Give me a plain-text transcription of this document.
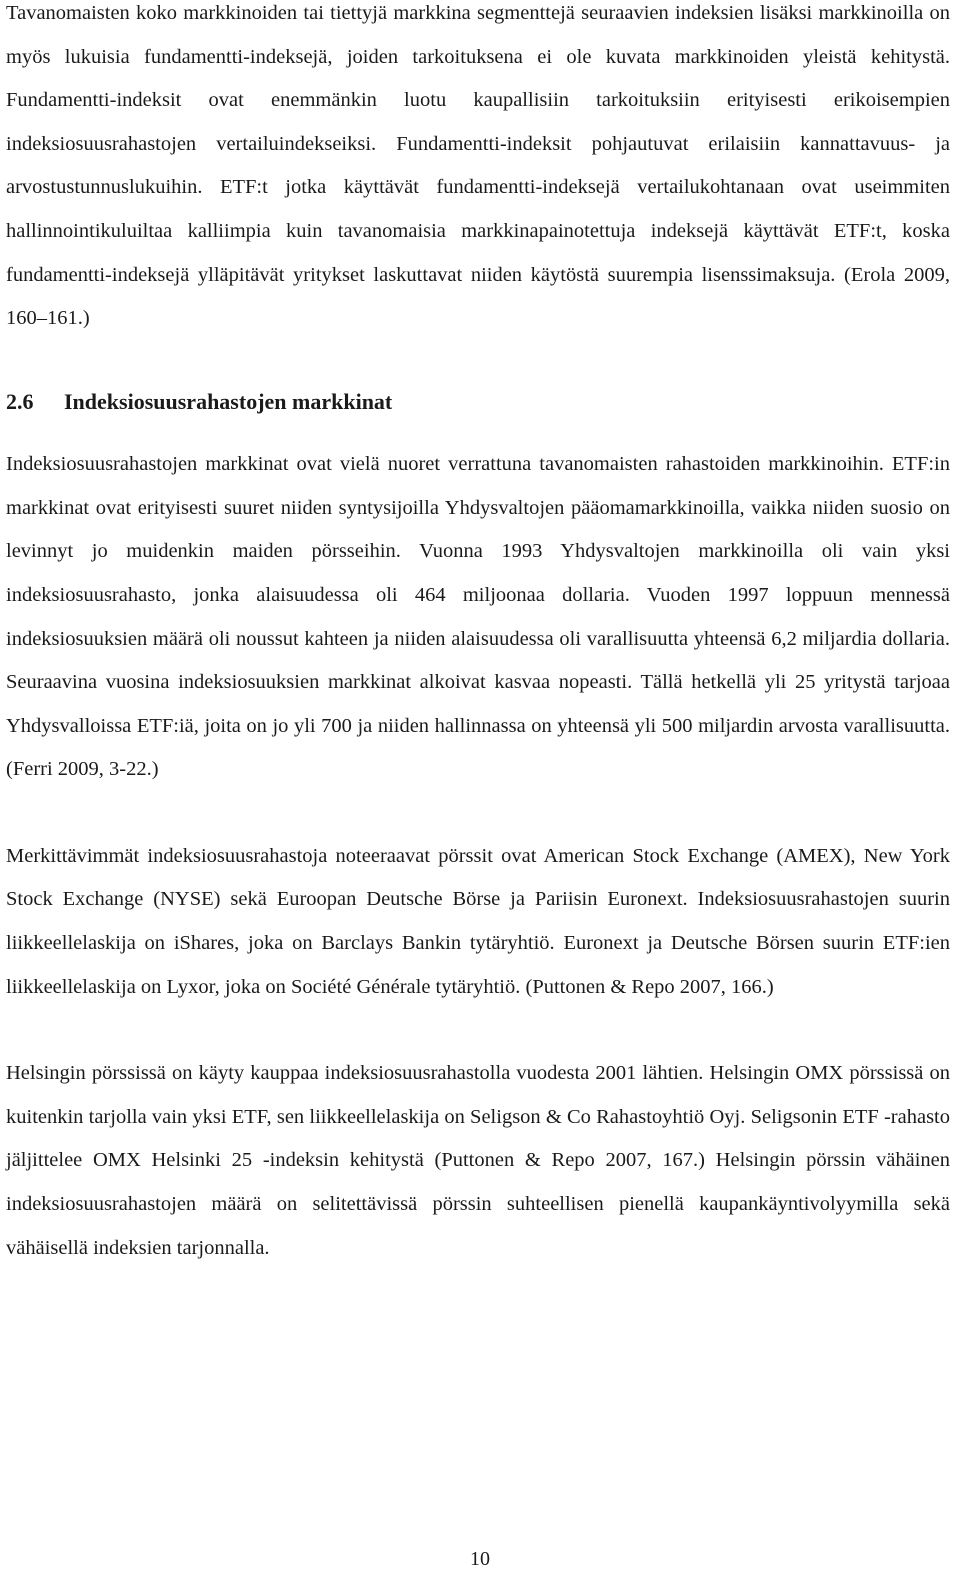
Tavanomaisten koko markkinoiden tai tiettyjä markkina segmenttejä seuraavien indeksien lisäksi markkinoilla on myös lukuisia fundamentti-indeksejä, joiden tarkoituksena ei ole kuvata markkinoiden yleistä kehitystä. Fundamentti-indeksit ovat enemmänkin luotu kaupallisiin tarkoituksiin erityisesti erikoisempien indeksiosuusrahastojen vertailuindekseiksi. Fundamentti-indeksit pohjautuvat erilaisiin kannattavuus- ja arvostustunnuslukuihin. ETF:t jotka käyttävät fundamentti-indeksejä vertailukohtanaan ovat useimmiten hallinnointikuluiltaa kalliimpia kuin tavanomaisia markkinapainotettuja indeksejä käyttävät ETF:t, koska fundamentti-indeksejä ylläpitävät yritykset laskuttavat niiden käytöstä suurempia lisenssimaksuja. (Erola 2009, 160–161.)

2.6	Indeksiosuusrahastojen markkinat

Indeksiosuusrahastojen markkinat ovat vielä nuoret verrattuna tavanomaisten rahastoiden markkinoihin. ETF:in markkinat ovat erityisesti suuret niiden syntysijoilla Yhdysvaltojen pääomamarkkinoilla, vaikka niiden suosio on levinnyt jo muidenkin maiden pörsseihin. Vuonna 1993 Yhdysvaltojen markkinoilla oli vain yksi indeksiosuusrahasto, jonka alaisuudessa oli 464 miljoonaa dollaria. Vuoden 1997 loppuun mennessä indeksiosuuksien määrä oli noussut kahteen ja niiden alaisuudessa oli varallisuutta yhteensä 6,2 miljardia dollaria. Seuraavina vuosina indeksiosuuksien markkinat alkoivat kasvaa nopeasti. Tällä hetkellä yli 25 yritystä tarjoaa Yhdysvalloissa ETF:iä, joita on jo yli 700 ja niiden hallinnassa on yhteensä yli 500 miljardin arvosta varallisuutta. (Ferri 2009, 3-22.)

Merkittävimmät indeksiosuusrahastoja noteeraavat pörssit ovat American Stock Exchange (AMEX), New York Stock Exchange (NYSE) sekä Euroopan Deutsche Börse ja Pariisin Euronext. Indeksiosuusrahastojen suurin liikkeellelaskija on iShares, joka on Barclays Bankin tytäryhtiö. Euronext ja Deutsche Börsen suurin ETF:ien liikkeellelaskija on Lyxor, joka on Société Générale tytäryhtiö. (Puttonen & Repo 2007, 166.)

Helsingin pörssissä on käyty kauppaa indeksiosuusrahastolla vuodesta 2001 lähtien. Helsingin OMX pörssissä on kuitenkin tarjolla vain yksi ETF, sen liikkeellelaskija on Seligson & Co Rahastoyhtiö Oyj. Seligsonin ETF -rahasto jäljittelee OMX Helsinki 25 -indeksin kehitystä (Puttonen & Repo 2007, 167.) Helsingin pörssin vähäinen indeksiosuusrahastojen määrä on selitettävissä pörssin suhteellisen pienellä kaupankäyntivolyymilla sekä vähäisellä indeksien tarjonnalla.

10
